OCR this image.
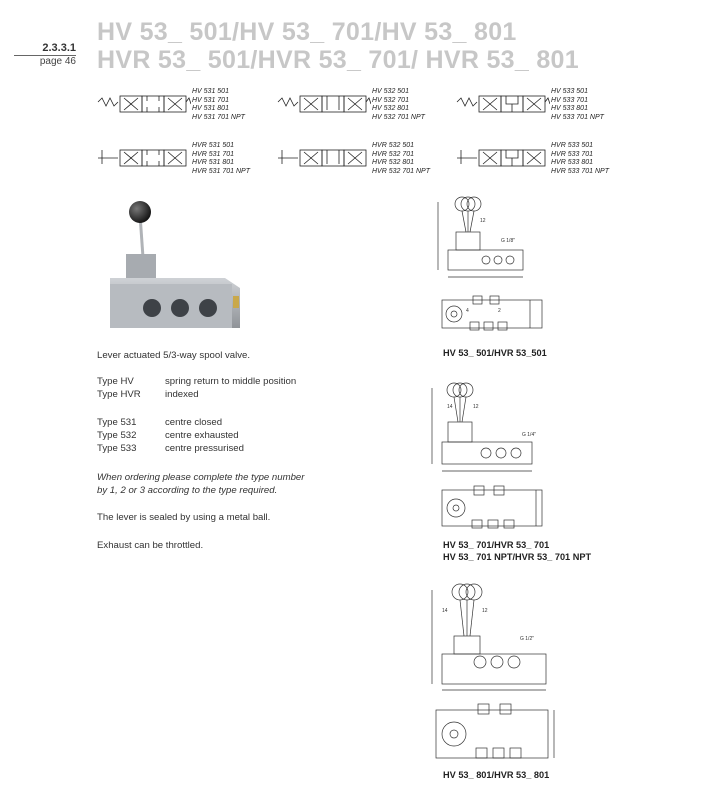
2.3.3.1
page 46
HV 53_ 501/HV 53_ 701/HV 53_ 801
HVR 53_ 501/HVR 53_ 701/ HVR 53_ 801
HV 531 501
HV 531 701
HV 531 801
HV 531 701 NPT
HV 532 501
HV 532 701
HV 532 801
HV 532 701 NPT
HV 533 501
HV 533 701
HV 533 801
HV 533 701 NPT
HVR 531 501
HVR 531 701
HVR 531 801
HVR 531 701 NPT
HVR 532 501
HVR 532 701
HVR 532 801
HVR 532 701 NPT
HVR 533 501
HVR 533 701
HVR 533 801
HVR 533 701 NPT
Lever actuated 5/3-way spool valve.
Type HV	spring return to middle position
Type HVR	indexed
Type 531	centre closed
Type 532	centre exhausted
Type 533	centre pressurised
When ordering please complete the type number
by 1, 2 or 3 according to the type required.
The lever is sealed by using a metal ball.
Exhaust can be throttled.
12
G 1/8"
4	2
HV 53_ 501/HVR 53_501
14	12
G 1/4"
HV 53_ 701/HVR 53_ 701
HV 53_ 701 NPT/HVR 53_ 701 NPT
14	12
G 1/2"
HV 53_ 801/HVR 53_ 801
